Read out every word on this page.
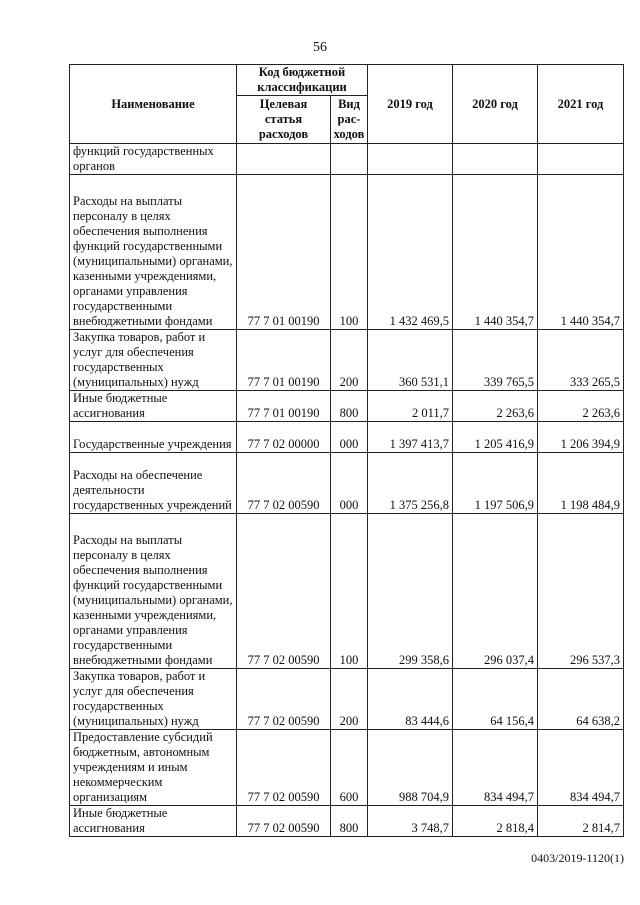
56
Наименование	Код бюджетной классификации		2019 год	2020 год	2021 год
	Целевая статья расходов	Вид рас-ходов			
функций государственных органов					
Расходы на выплаты персоналу в целях обеспечения выполнения функций государственными (муниципальными) органами, казенными учреждениями, органами управления государственными внебюджетными фондами	77 7 01 00190	100	1 432 469,5	1 440 354,7	1 440 354,7
Закупка товаров, работ и услуг для обеспечения государственных (муниципальных) нужд	77 7 01 00190	200	360 531,1	339 765,5	333 265,5
Иные бюджетные ассигнования	77 7 01 00190	800	2 011,7	2 263,6	2 263,6
Государственные учреждения	77 7 02 00000	000	1 397 413,7	1 205 416,9	1 206 394,9
Расходы на обеспечение деятельности государственных учреждений	77 7 02 00590	000	1 375 256,8	1 197 506,9	1 198 484,9
Расходы на выплаты персоналу в целях обеспечения выполнения функций государственными (муниципальными) органами, казенными учреждениями, органами управления государственными внебюджетными фондами	77 7 02 00590	100	299 358,6	296 037,4	296 537,3
Закупка товаров, работ и услуг для обеспечения государственных (муниципальных) нужд	77 7 02 00590	200	83 444,6	64 156,4	64 638,2
Предоставление субсидий бюджетным, автономным учреждениям и иным некоммерческим организациям	77 7 02 00590	600	988 704,9	834 494,7	834 494,7
Иные бюджетные ассигнования	77 7 02 00590	800	3 748,7	2 818,4	2 814,7
0403/2019-1120(1)
